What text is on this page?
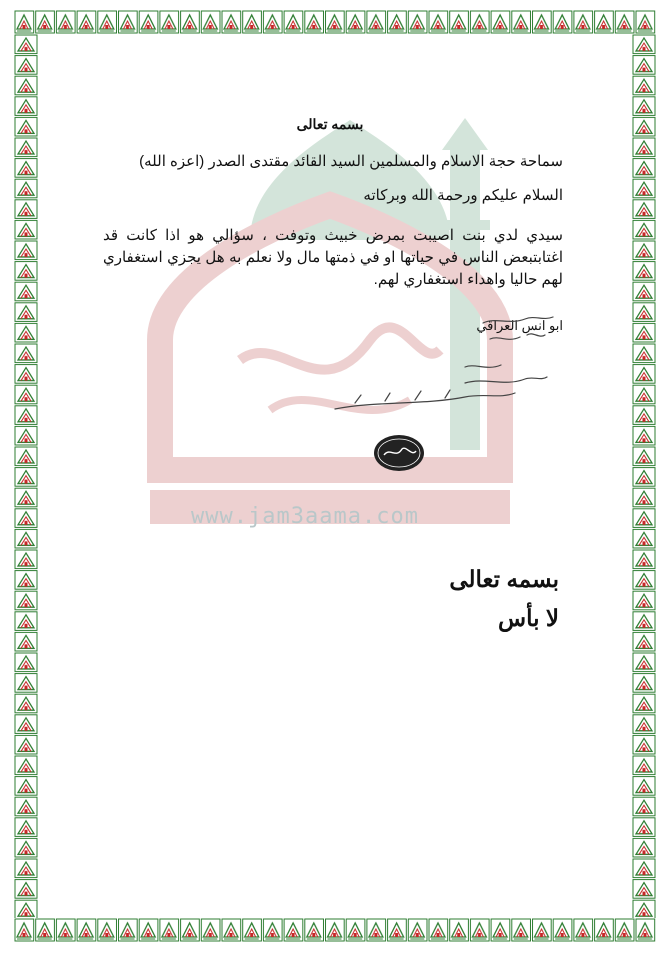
www.jam3aama.com
بسمه تعالى
سماحة حجة الاسلام والمسلمين السيد القائد مقتدى الصدر (اعزه الله)
السلام عليكم ورحمة الله وبركاته
سيدي لدي بنت اصيبت بمرض خبيث وتوفت ، سؤالي هو اذا كانت قد اغتابتبعض الناس في حياتها او في ذمتها مال ولا نعلم به هل يجزي استغفاري لهم حاليا واهداء استغفاري لهم.
ابو انس العراقي
بسمه تعالى
لا بأس
